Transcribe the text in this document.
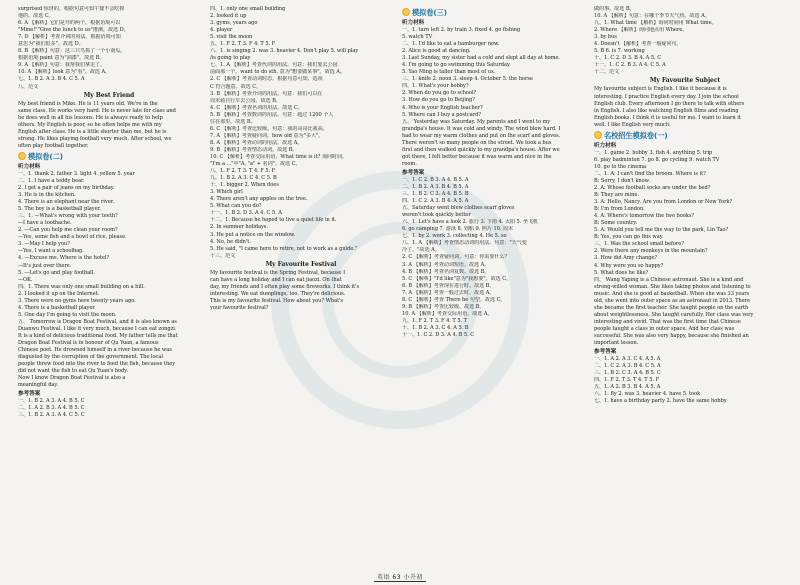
surprised 惊讶的。根据句意可知午餐不会吃掉
他的。故选 C。
6. A 【解析】它们是开的两个。根据语境可以
"Mine!""Give the lunch to us"推测。故选 D。
7. D 【解析】考查介词的用法。根据语境可知
意思为"我们很多"。故选 D。
8. B 【解析】句意：这三只鸟抓了一个小南瓜。
根据语境 paint 意为"油漆"。故选 B。
9. A 【解析】句意：我帮我们拿走了。
10. A 【解析】look 意为"看"。故选 A。
七、1. B 2. A 3. B 4. C 5. A
八、范文
My Best Friend
My best friend is Mike. He is 11 years old. We're in the
same class. He works very hard. He is never late for class and
he does well in all his lessons. He is always ready to help
others. My English is poor, so he often helps me with my
English after class. He is a little shorter than me, but he is
strong. He likes playing football very much. After school, we
often play football together.
模拟卷(二)
听力材料
一、1. thank 2. father 3. light 4. yellow 5. year
二、1. I have a teddy bear.
2. I get a pair of jeans on my birthday.
3. He is in the kitchen.
4. There is an elephant near the river.
5. The boy is a basketball player.
三、1. —What's wrong with your teeth?
—I have a toothache.
2. —Can you help me clean your room?
—Yes, some fish and a bowl of rice, please.
3. —May I help you?
—Yes, I want a schoolbag.
4. —Excuse me. Where is the hotel?
—It's just over there.
5. —Let's go and play football.
—OK.
四、1. There was only one small building on a hill.
2. I looked it up on the Internet.
3. There were no gyms here twenty years ago.
4. There is a basketball player.
5. One day I'm going to visit the moon.
五、 Tomorrow is Dragon Boat Festival, and it is also known as
Duanwu Festival. I like it very much, because I can eat zongzi.
It is a kind of delicious traditional food. My father tells me that
Dragon Boat Festival is in honour of Qu Yuan, a famous
Chinese poet. He drowned himself in a river because he was
disgusted by the corruption of the government. The local
people threw food into the river to feed the fish, because they
did not want the fish to eat Qu Yuan's body.
Now I know Dragon Boat Festival is also a
meaningful day.
参考答案
一、1. B 2. A 3. A 4. B 5. C
二、1. A 2. B 3. A 4. B 5. C
三、1. B 2. A 3. A 4. C 5. C
四、1. only one small building
2. looked it up
3. gyms, years ago
4. player
5. visit the moon
五、1. F 2. T 3. F 4. T 5. F
六、1. is singing 2. was 3. heavier 4. Don't play 5. will play
/is going to play
七、1. A 【解析】考查代词的用法。句意：我们要去公园
前面那一个。want to do sth. 意为"想要做某事"。故选 A。
2. C 【解析】考查动词时态。根据句意可知，选项
C 符合题意。故选 C。
3. B 【解析】考查介词的用法。句意：我们可以在
周末骑自行车去公园。故选 B。
4. C 【解析】考查名词的用法。故选 C。
5. B 【解析】考查数词的用法。句意：超过 1200 个人
住在那里。故选 B。
6. C 【解析】考查比较级。句意：我的哥哥比我高。
7. A 【解析】考查疑问词。how old 意为"多大"。
8. A 【解析】考查动词的用法。故选 A。
9. B 【解析】考查情态动词。故选 B。
10. C 【解析】考查交际用语。What time is it? 询问时间。
"I'm a ..."中"A, "a" + 名词"。故选 C。
八、1. F 2. T 3. T 4. F 5. F
九、1. B 2. A 3. C 4. C 5. B
十、1. bigger 2. When does
3. Which girl
4. There aren't any apples on the tree.
5. What can you do?
十一、1. B 2. D 3. A 4. C 5. A
十二、1. Because he hoped to live a quiet life in it.
2. In summer holidays.
3. He put a notice on the window.
4. No, he didn't.
5. He said, "I came here to retire, not to work as a guide."
十三、范文
My Favourite Festival
My favourite festival is the Spring Festival, because I
can have a long holiday and I can eat jiaozi. On that
day, my friends and I often play some fireworks. I think it's
interesting. We eat dumplings, too. They're delicious.
This is my favourite festival. How about you? What's
your favourite festival?
模拟卷(三)
听力材料
一、1. turn left 2. by train 3. fixed 4. go fishing
5. watch TV
二、1. I'd like to eat a hamburger now.
2. Alice is good at dancing.
3. Last Sunday, my sister had a cold and slept all day at home.
4. I'm going to go swimming this Saturday.
5. Yao Ming is taller than most of us.
三、1. knife 2. noon 3. sleep 4. October 5. the horse
四、1. What's your hobby?
2. When do you go to school?
3. How do you go to Beijing?
4. Who is your English teacher?
5. Where can I buy a postcard?
五、 Yesterday was Saturday. My parents and I went to my
grandpa's house. It was cold and windy. The wind blew hard. I
had to wear my warm clothes and put on the scarf and gloves.
There weren't so many people on the street. We took a bus
first and then walked quickly to my grandpa's house. After we
got there, I felt better because it was warm and nice in the
room.
参考答案
一、1. C 2. B 3. A 4. B 5. A
二、1. B 2. A 3. B 4. B 5. A
三、1. B 2. C 3. A 4. B 5. B
四、1. C 2. A 3. B 4. A 5. A
五、Saturday went blew clothes scarf gloves
weren't took quickly better
六、1. Let's have a look 2. 旅行 3. 下雨 4. 太阳 5. 坐飞机
6. go camping 7. 游泳 8. 划船 9. 照片 10. 周末
七、1. by 2. work 3. collecting 4. He 5. so
八、1. A 【解析】考查情态动词的用法。句意："天气变
冷了。"故选 A。
2. C 【解析】考查疑问词。句意：你需要什么？
3. A 【解析】考查动词短语。故选 A。
4. B 【解析】考查名词复数。故选 B。
5. C 【解析】"I'd like"意为"我想要"。故选 C。
6. B 【解析】考查现在进行时。故选 B。
7. A 【解析】考查一般过去时。故选 A。
8. C 【解析】考查 There be 句型。故选 C。
9. B 【解析】考查比较级。故选 B。
10. A 【解析】考查交际用语。故选 A。
九、1. F 2. T 3. F 4. T 5. T
十、1. B 2. A 3. C 4. A 5. B
十一、1. C 2. D 3. A 4. B 5. C
做的事。故选 B。
10. A 【解析】句意：在哪个季节天气热。故选 A。
九、1. What time 【解析】询问时间用 What time。
2. Where 【解析】询问地点用 Where。
3. by bus
4. Doesn't 【解析】考查一般疑问句。
5. B 6. is 7. working
十、1. C 2. D 3. B 4. A 5. C
十一、1. C 2. B 3. A 4. C 5. A
十二、范文
My Favourite Subject
My favourite subject is English. I like it because it is
interesting. I practice English every day. I join the school
English club. Every afternoon I go there to talk with others
in English. I also like watching English films and reading
English books. I think it is useful for me. I want to learn it
well. I like English very much.
名校招生模拟卷(一)
听力材料
一、1. game 2. hobby 3. fish 4. anything 5. trip
6. play badminton 7. go 8. go cycling 9. watch TV
10. go to the cinema
二、1. A: I can't find the broom. Where is it?
B: Sorry, I don't know.
2. A: Whose football socks are under the bed?
B: They are mine.
3. A: Hello, Nancy. Are you from London or New York?
B: I'm from London.
4. A: Where's tomorrow the two books?
B: Some country.
5. A: Would you tell me the way to the park, Lin Tao?
B: Yes, you can go this way.
三、1. Was the school small before?
2. Were there any monkeys in the mountain?
3. How did Amy change?
4. Why were you so happy?
5. What does he like?
四、 Wang Yaping is a Chinese astronaut. She is a kind and
strong-willed woman. She likes taking photos and listening to
music. And she is good at basketball. When she was 33 years
old, she went into outer space as an astronaut in 2013. There
she became the first teacher. She taught people on the earth
about weightlessness. She taught carefully. Her class was very
interesting and vivid. That was the first time that Chinese
people taught a class in outer space. And her class was
successful. She was also very happy, because she finished an
important lesson.
参考答案
一、1. A 2. A 3. C 4. A 5. A
二、1. C 2. A 3. B 4. C 5. A
三、1. B 2. C 3. A 4. B 5. C
四、1. F 2. T 3. T 4. T 5. F
五、1. A 2. B 3. B 4. A 5. A
六、1. fly 2. was 3. heavier 4. have 5. took
七、1. have a birthday party 2. have the same hobby
英语 63 小升初
